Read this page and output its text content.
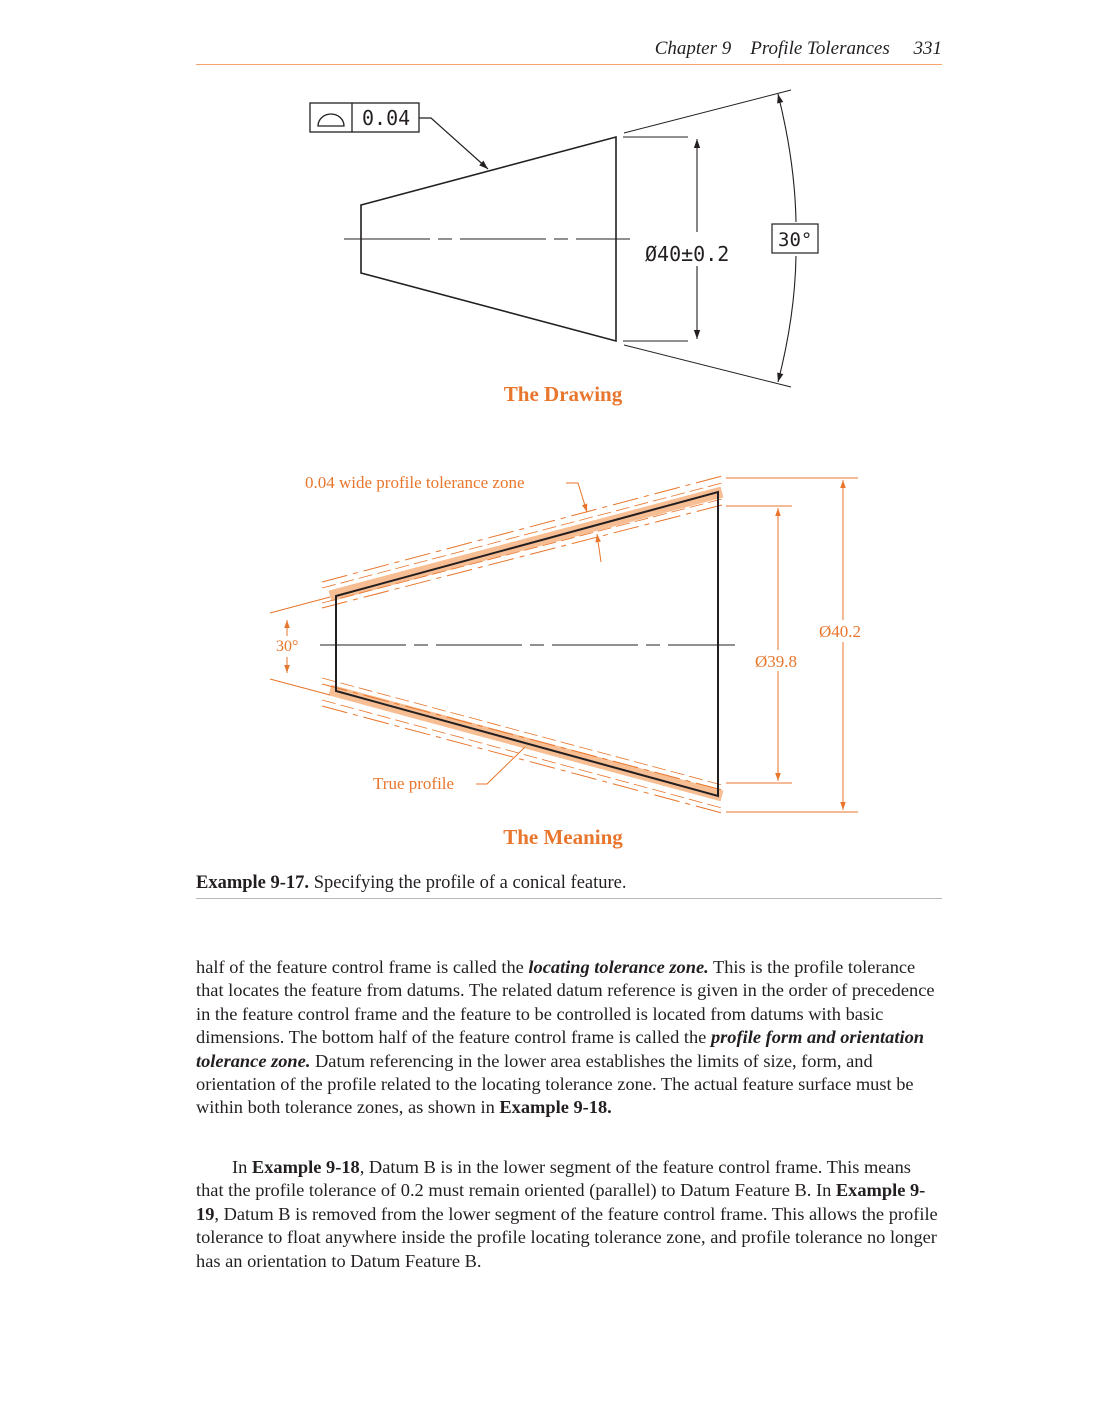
Chapter 9 Profile Tolerances 331
0.04
Ø40±0.2
30°
0.04 wide profile tolerance zone
True profile
30°
Ø40.2
Ø39.8
The Drawing
The Meaning
Example 9-17. Specifying the profile of a conical feature.
half of the feature control frame is called the locating tolerance zone. This is the profile tolerance that locates the feature from datums. The related datum reference is given in the order of precedence in the feature control frame and the feature to be controlled is located from datums with basic dimensions. The bottom half of the feature control frame is called the profile form and orientation tolerance zone. Datum referencing in the lower area establishes the limits of size, form, and orientation of the profile related to the locating tolerance zone. The actual feature surface must be within both tolerance zones, as shown in Example 9-18.
In Example 9-18, Datum B is in the lower segment of the feature control frame. This means that the profile tolerance of 0.2 must remain oriented (parallel) to Datum Feature B. In Example 9-19, Datum B is removed from the lower segment of the feature control frame. This allows the profile tolerance to float anywhere inside the profile locating tolerance zone, and profile tolerance no longer has an orientation to Datum Feature B.
